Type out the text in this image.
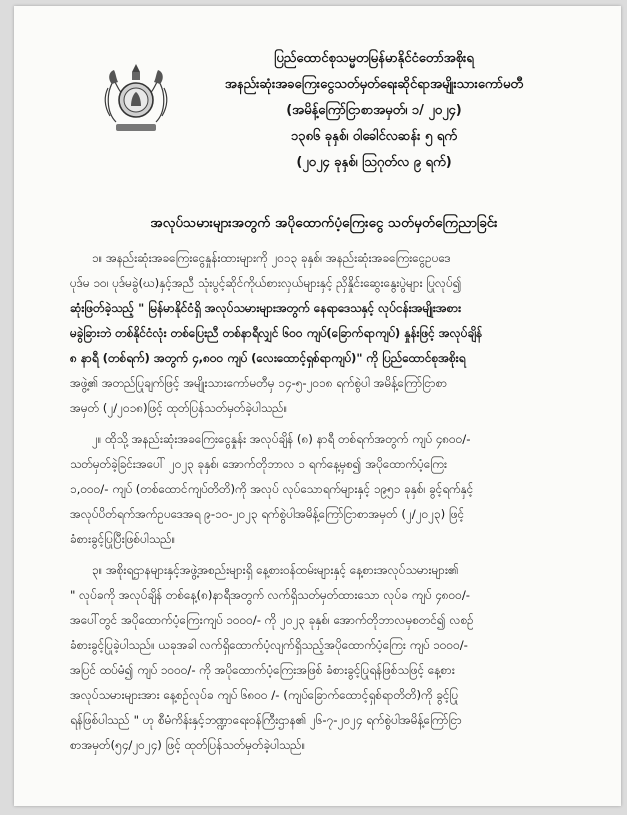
ပြည်ထောင်စုသမ္မတမြန်မာနိုင်ငံတော်အစိုးရ
အနည်းဆုံးအခကြေးငွေသတ်မှတ်ရေးဆိုင်ရာအမျိုးသားကော်မတီ
(အမိန့်ကြော်ငြာစာအမှတ်၊ ၁/ ၂၀၂၄)
၁၃၈၆ ခုနှစ်၊ ဝါခေါင်လဆန်း ၅ ရက်
(၂၀၂၄ ခုနှစ်၊ ဩဂုတ်လ ၉ ရက်)
အလုပ်သမားများအတွက် အပိုထောက်ပံ့ကြေးငွေ သတ်မှတ်ကြေညာခြင်း
၁။ အနည်းဆုံးအခကြေးငွေနှုန်းထားများကို ၂၀၁၃ ခုနှစ်၊ အနည်းဆုံးအခကြေးငွေဥပဒေ
ပုဒ်မ ၁၀၊ ပုဒ်မခွဲ(ဃ)နှင့်အညီ သုံးပွင့်ဆိုင်ကိုယ်စားလှယ်များနှင့် ညှိနှိုင်းဆွေးနွေးပွဲများ ပြုလုပ်၍
ဆုံးဖြတ်ခဲ့သည့် " မြန်မာနိုင်ငံရှိ အလုပ်သမားများအတွက် နေရာဒေသနှင့် လုပ်ငန်းအမျိုးအစား
မခွဲခြားဘဲ တစ်နိုင်ငံလုံး တစ်ပြေးညီ တစ်နာရီလျှင် ၆၀၀ ကျပ်(ခြောက်ရာကျပ်) နှုန်းဖြင့် အလုပ်ချိန်
၈ နာရီ (တစ်ရက်) အတွက် ၄,၈၀၀ ကျပ် (လေးထောင့်ရှစ်ရာကျပ်)" ကို ပြည်ထောင်စုအစိုးရ
အဖွဲ့၏ အတည်ပြုချက်ဖြင့် အမျိုးသားကော်မတီမှ ၁၄-၅-၂၀၁၈ ရက်စွဲပါ အမိန့်ကြော်ငြာစာ
အမှတ် (၂/၂၀၁၈)ဖြင့် ထုတ်ပြန်သတ်မှတ်ခဲ့ပါသည်။
၂။ ထိုသို့ အနည်းဆုံးအခကြေးငွေနှုန်း အလုပ်ချိန် (၈) နာရီ တစ်ရက်အတွက် ကျပ် ၄၈၀၀/-
သတ်မှတ်ခဲ့ခြင်းအပေါ် ၂၀၂၃ ခုနှစ်၊ အောက်တိုဘာလ ၁ ရက်နေ့မှစ၍ အပိုထောက်ပံ့ကြေး
၁,၀၀၀/- ကျပ် (တစ်ထောင်ကျပ်တိတိ)ကို အလုပ် လုပ်သောရက်များနှင့် ၁၉၅၁ ခုနှစ်၊ ခွင့်ရက်နှင့်
အလုပ်ပိတ်ရက်အက်ဥပဒေအရ ၉-၁၀-၂၀၂၃ ရက်စွဲပါအမိန့်ကြော်ငြာစာအမှတ် (၂/၂၀၂၃) ဖြင့်
ခံစားခွင့်ပြုပြီးဖြစ်ပါသည်။
၃။ အစိုးရဌာနများနှင့်အဖွဲ့အစည်းများရှိ နေ့စားဝန်ထမ်းများနှင့် နေ့စားအလုပ်သမားများ၏
" လုပ်ခကို အလုပ်ချိန် တစ်နေ့(၈)နာရီအတွက် လက်ရှိသတ်မှတ်ထားသော လုပ်ခ ကျပ် ၄၈၀၀/-
အပေါ်တွင် အပိုထောက်ပံ့ကြေးကျပ် ၁၀၀၀/- ကို ၂၀၂၃ ခုနှစ်၊ အောက်တိုဘာလမှစတင်၍ လစဉ်
ခံစားခွင့်ပြုခဲ့ပါသည်။ ယခုအခါ လက်ရှိထောက်ပံ့လျက်ရှိသည့်အပိုထောက်ပံ့ကြေး ကျပ် ၁၀၀၀/-
အပြင် ထပ်မံ၍ ကျပ် ၁၀၀၀/- ကို အပိုထောက်ပံ့ကြေးအဖြစ် ခံစားခွင့်ပြုရန်ဖြစ်သဖြင့် နေ့စား
အလုပ်သမားများအား နေ့စဉ်လုပ်ခ ကျပ် ၆၈၀၀ /- (ကျပ်ခြောက်ထောင့်ရှစ်ရာတိတိ)ကို ခွင့်ပြု
ရန်ဖြစ်ပါသည် " ဟု စီမံကိန်းနှင့်ဘဏ္ဍာရေးဝန်ကြီးဌာန၏ ၂၆-၇-၂၀၂၄ ရက်စွဲပါအမိန့်ကြော်ငြာ
စာအမှတ်(၅၄/၂၀၂၄) ဖြင့် ထုတ်ပြန်သတ်မှတ်ခဲ့ပါသည်။
